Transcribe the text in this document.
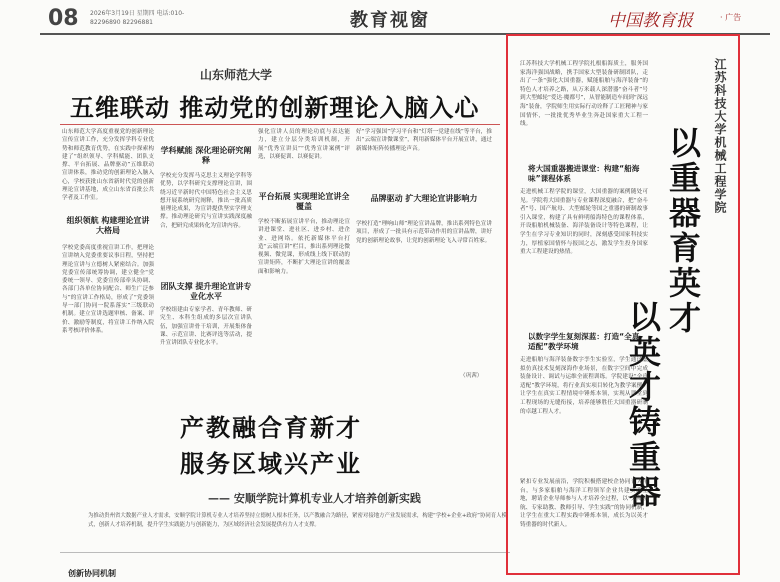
08 2026年3月19日 星期四 电话:010-82296890 82296881	教育视窗	中国教育报	· 广告
山东师范大学
五维联动 推动党的创新理论入脑入心
山东师范大学高度重视党的创新理论宣传宣讲工作，充分发挥学科专业优势和师范教育优势，在实践中探索构建了“组织领导、学科赋能、团队支撑、平台拓展、品牌驱动”五维联动宣讲体系，推动党的创新理论入脑入心，学校获批山东省新时代党的创新理论宣讲基地，成立山东省首批公共学者及工作室。
组织领航 构建理论宣讲大格局
学校党委高度重视宣讲工作，把理论宣讲纳入党委重要议事日程，坚持把理论宣讲与立德树人紧密结合。加强党委宣传部统筹协调，建立健全“党委统一领导、党委宣传部牵头协调、各部门各单位协同配合、师生广泛参与”的宣讲工作格局，形成了“党委领导一部门协同一院系落实”三级联动机制。建立宣讲选题审核、备案、评价、激励等制度，将宣讲工作纳入院系考核评价体系。
学科赋能 深化理论研究阐释
学校充分发挥马克思主义理论学科等优势，以学科研究支撑理论宣讲，围绕习近平新时代中国特色社会主义思想开展系统研究阐释，推出一批高质量理论成果，为宣讲提供坚实学理支撑。推动理论研究与宣讲实践深度融合，把研究成果转化为宣讲内容。
团队支撑 提升理论宣讲专业化水平
学校组建由专家学者、青年教师、研究生、本科生组成的多层次宣讲队伍，加强宣讲骨干培训，开展集体备课、示范宣讲、比赛评选等活动，提升宣讲团队专业化水平。
强化宣讲人员的理论功底与表达能力，建立分层分类培训机制，开展“优秀宣讲员”“优秀宣讲案例”评选，以赛促训、以赛促讲。
平台拓展 实现理论宣讲全覆盖
学校不断拓展宣讲平台，推动理论宣讲进课堂、进社区、进乡村、进企业、进网络。依托新媒体平台打造“云端宣讲”栏目，推出系列理论微视频、微党课，形成线上线下联动的宣讲矩阵，不断扩大理论宣讲的覆盖面和影响力。
好“学习强国”学习平台和“灯塔一党建在线”等平台，推出“云端宣讲微课堂”，利用新媒体平台开展宣讲，通过新媒体矩阵传播理论声音。
品牌驱动 扩大理论宣讲影响力
学校打造“理响山师”理论宣讲品牌，推出系列特色宣讲项目，形成了一批具有示范带动作用的宣讲品牌，讲好党的创新理论故事，让党的创新理论飞入寻常百姓家。
（巩茜）
产教融合育新才
服务区域兴产业
—— 安顺学院计算机专业人才培养创新实践
为推动贵州省大数据产业人才需求，安顺学院计算机专业人才培养坚持立德树人根本任务，以产教融合为路径，紧密对接地方产业发展需求，构建“学校+企业+政府”协同育人模式，创新人才培养机制，提升学生实践能力与创新能力，为区域经济社会发展提供有力人才支撑。
创新协同机制
江苏科技大学机械工程学院
以重器育英才
以英才铸重器
江苏科技大学机械工程学院扎根船海质土，服务国家海洋强国战略，携手国家大型装备研制团队，走出了一条“强化大国重器，赋能船舶与海洋装备”的特色人才培养之路，从万米载人深潜器“奋斗者”号到大型邮轮“爱达·魔都号”，从智能制造车间到“深远海”装备，学院师生用实际行动诠释了工匠精神与家国情怀，一批批优秀毕业生奔赴国家重大工程一线。
将大国重器搬进课堂：构建“船海味”课程体系
走进机械工程学院的课堂，大国重器的案例随处可见。学院将大国重器与专业课程深度融合，把“奋斗者”号、国产航母、大型邮轮等国之重器的研制故事引入课堂，构建了具有鲜明船海特色的课程体系，开设船舶机械装备、海洋装备设计等特色课程，让学生在学习专业知识的同时，深刻感受国家科技实力，厚植家国情怀与报国之志，激发学生投身国家重大工程建设的热情。
以数字学生复刻深蓝：打造“全真适配”教学环境
走进船舶与海洋装备数字孪生实验室，学生通过虚拟仿真技术复刻深海作业场景，在数字空间中完成装备设计、调试与运维全流程训练。学院建设“全真适配”教学环境，将行业真实项目转化为教学案例，让学生在真实工程情境中锤炼本领，实现从课堂到工程现场的无缝衔接，培养能够胜任大国重器研制的卓越工程人才。
紧扣专业发展前沿，学院积极搭建校企协同育人平台，与多家船舶与海洋工程领军企业共建实践基地，聘请企业导师参与人才培养全过程，以“大师领航、专家助教、教师引导、学生实践”的协同机制，让学生在重大工程实践中锤炼本领，成长为以英才铸重器的时代新人。
